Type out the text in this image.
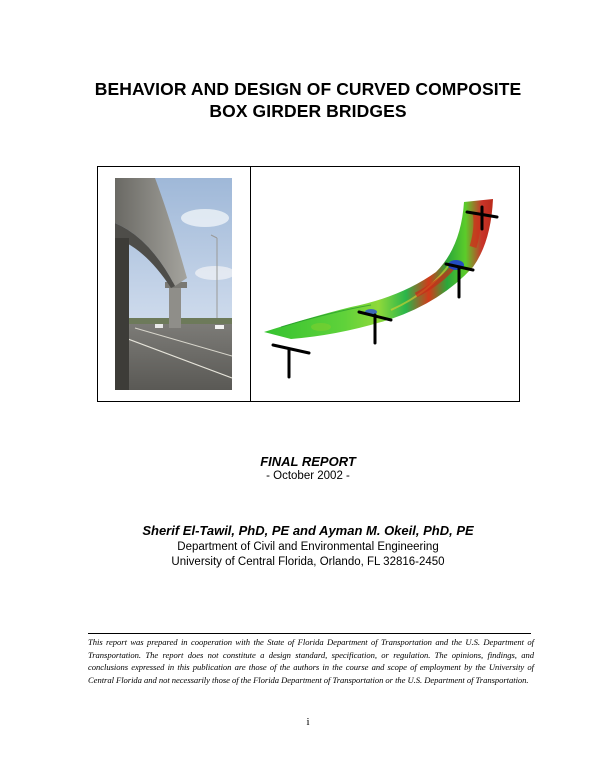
BEHAVIOR AND DESIGN OF CURVED COMPOSITE
BOX GIRDER BRIDGES
FINAL REPORT
- October 2002 -
Sherif El-Tawil, PhD, PE and Ayman M. Okeil, PhD, PE
Department of Civil and Environmental Engineering
University of Central Florida, Orlando, FL 32816-2450
This report was prepared in cooperation with the State of Florida Department of Transportation and the U.S. Department of Transportation. The report does not constitute a design standard, specification, or regulation. The opinions, findings, and conclusions expressed in this publication are those of the authors in the course and scope of employment by the University of Central Florida and not necessarily those of the Florida Department of Transportation or the U.S. Department of Transportation.
i
